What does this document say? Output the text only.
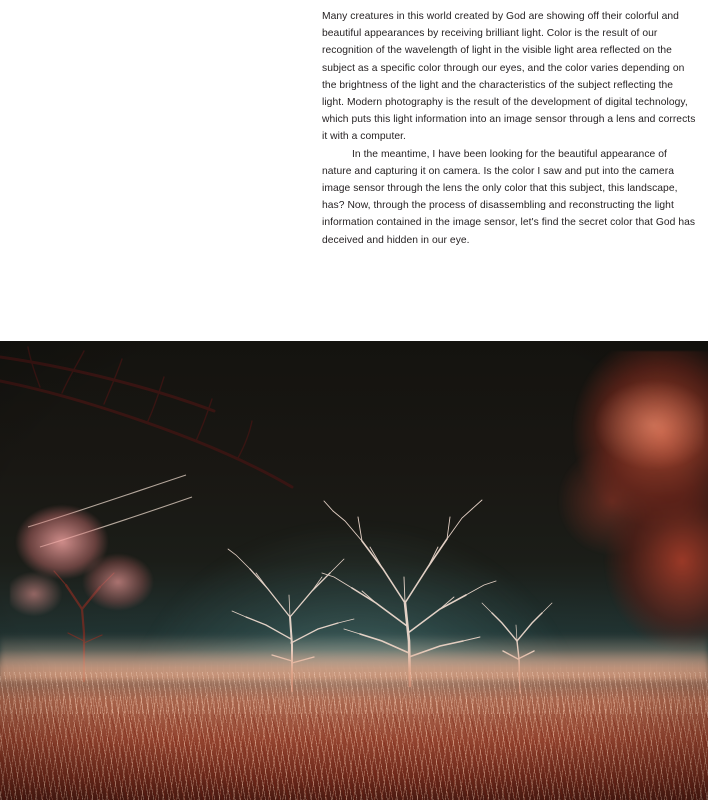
Many creatures in this world created by God are showing off their colorful and beautiful appearances by receiving brilliant light. Color is the result of our recognition of the wavelength of light in the visible light area reflected on the subject as a specific color through our eyes, and the color varies depending on the brightness of the light and the characteristics of the subject reflecting the light. Modern photography is the result of the development of digital technology, which puts this light information into an image sensor through a lens and corrects it with a computer.

In the meantime, I have been looking for the beautiful appearance of nature and capturing it on camera. Is the color I saw and put into the camera image sensor through the lens the only color that this subject, this landscape, has? Now, through the process of disassembling and reconstructing the light information contained in the image sensor, let's find the secret color that God has deceived and hidden in our eye.
